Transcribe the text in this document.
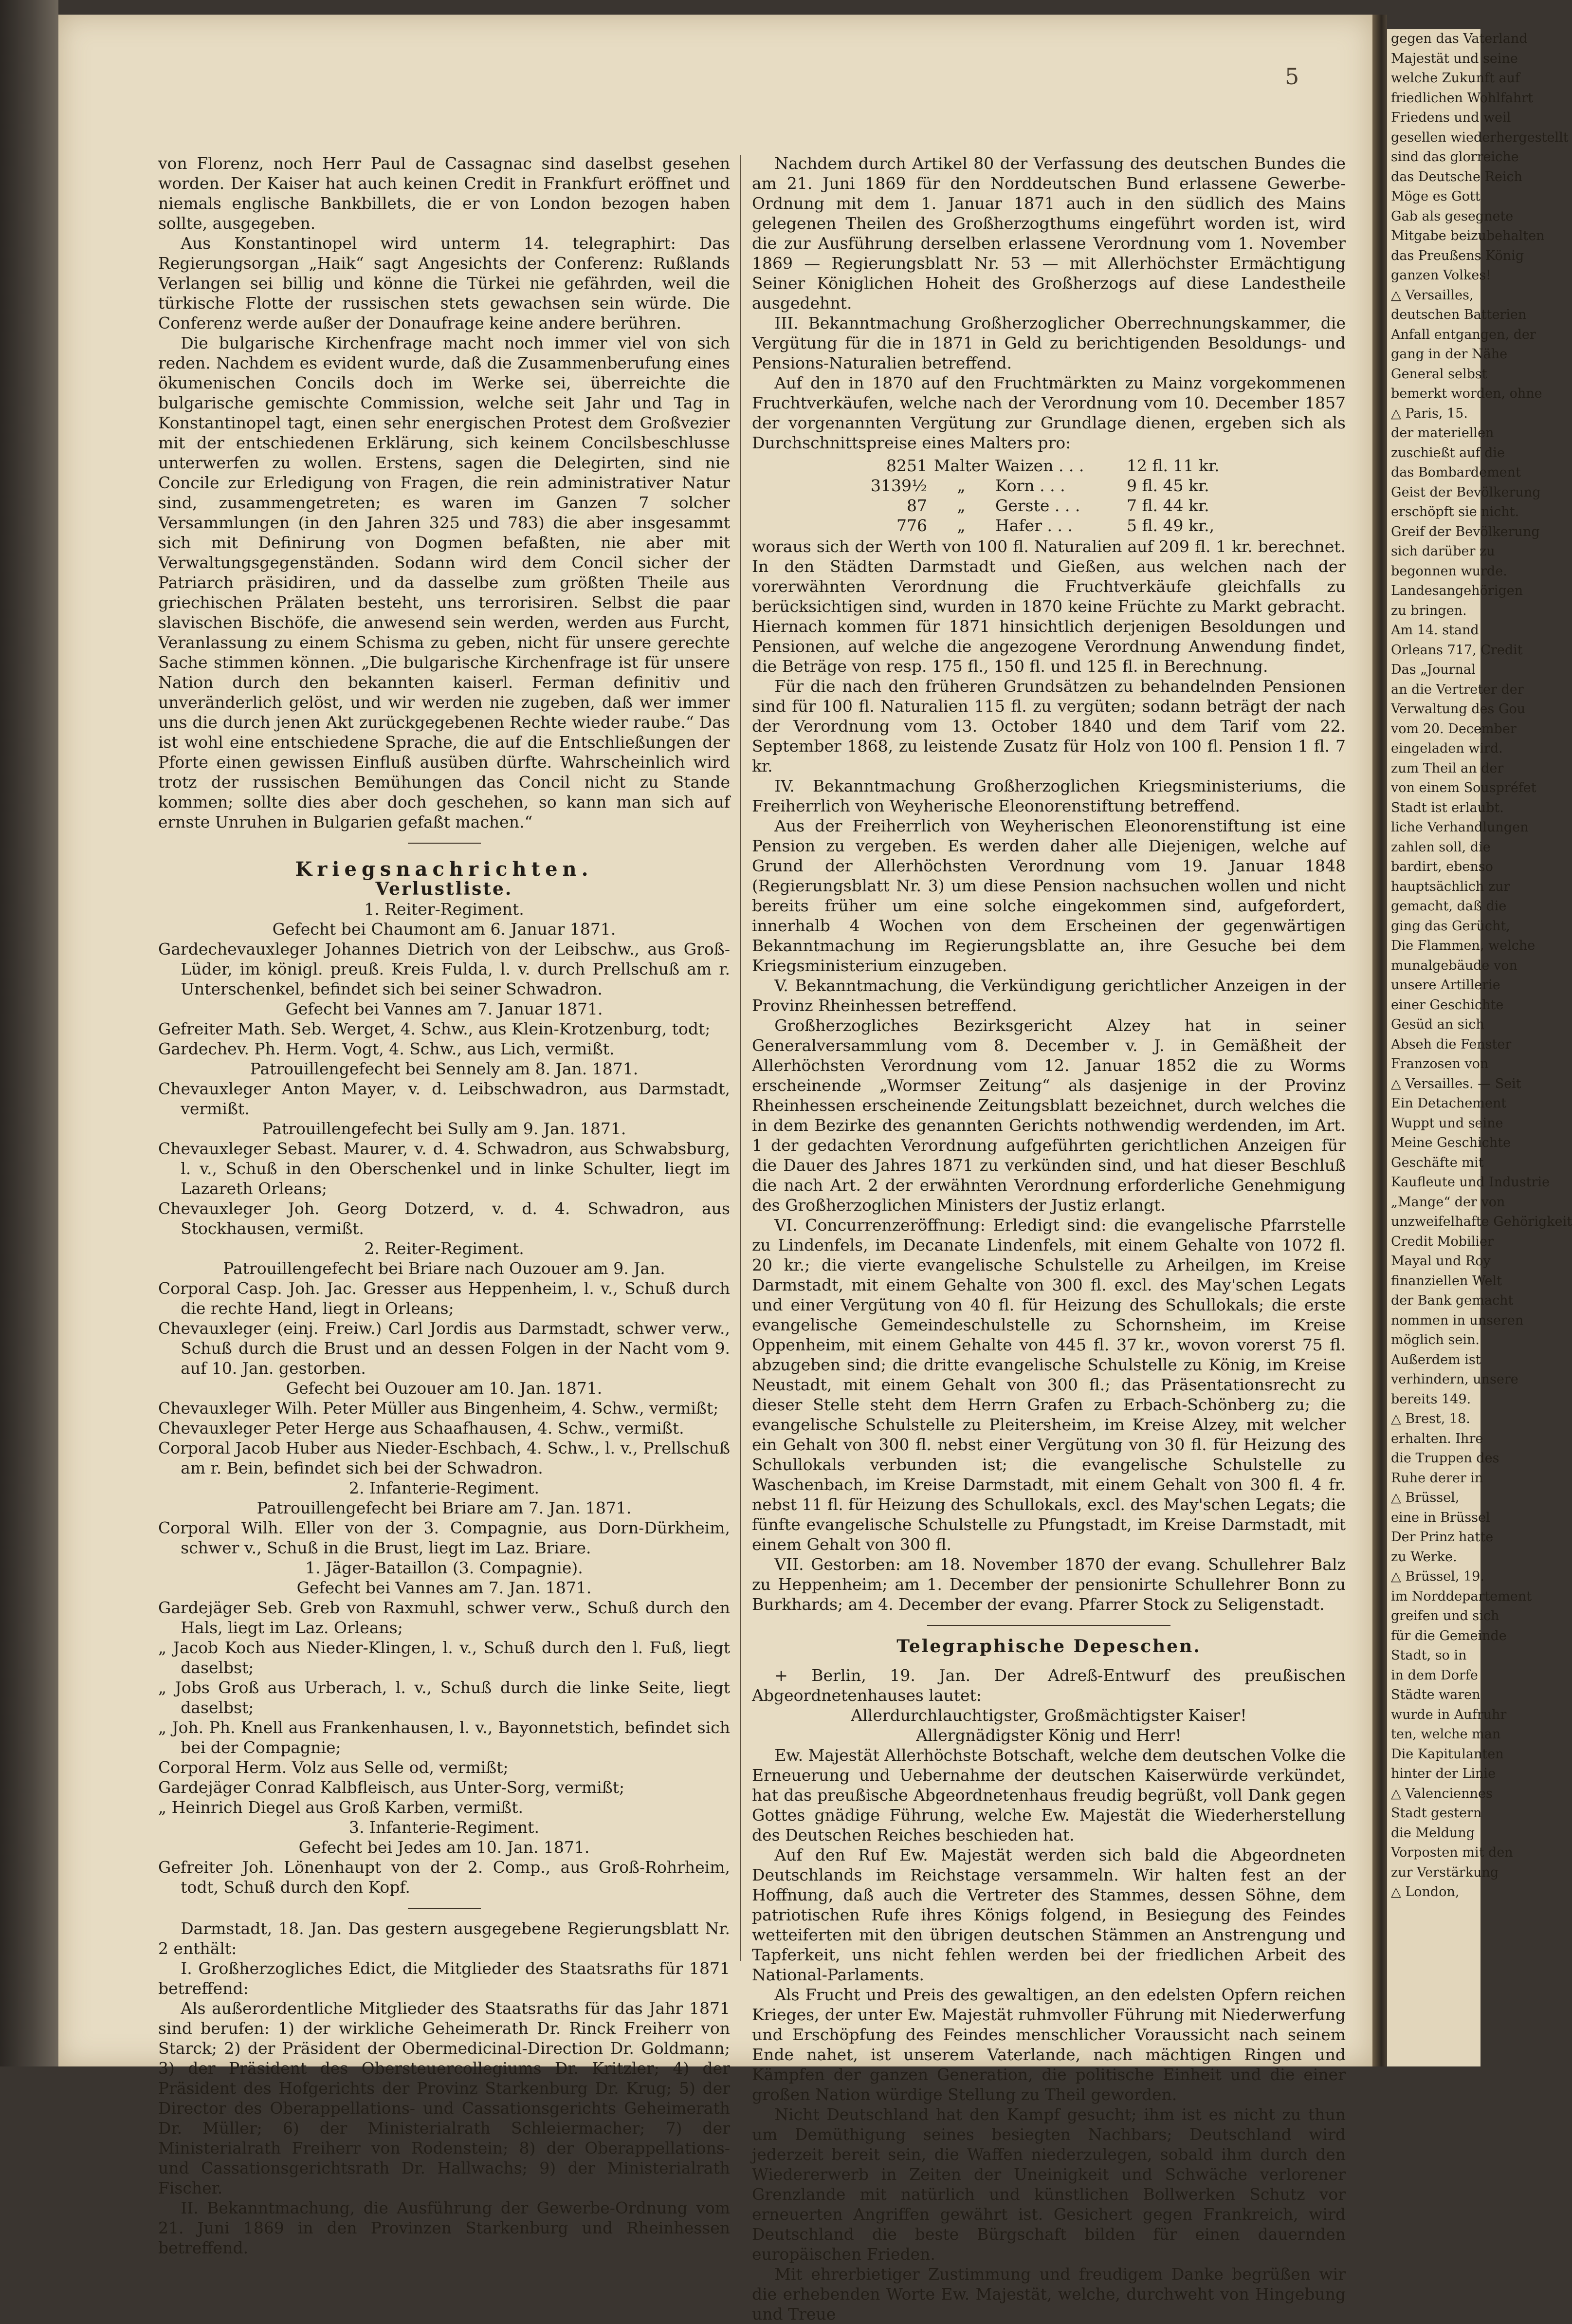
gegen das Vaterland
Majestät und seine
welche Zukunft auf
friedlichen Wohlfahrt
Friedens und weil
gesellen wiederhergestellt
sind das glorreiche
das Deutsche Reich
Möge es Gott
Gab als gesegnete
Mitgabe beizubehalten
das Preußens König
ganzen Volkes!
△ Versailles,
deutschen Batterien
Anfall entgangen, der
gang in der Nähe
General selbst
bemerkt worden, ohne
△ Paris, 15.
der materiellen
zuschießt auf die
das Bombardement
Geist der Bevölkerung
erschöpft sie nicht.
Greif der Bevölkerung
sich darüber zu
begonnen wurde.
Landesangehörigen
zu bringen.
Am 14. stand
Orleans 717, Credit
Das „Journal
an die Vertreter der
Verwaltung des Gou
vom 20. December
eingeladen wird.
zum Theil an der
von einem Souspréfet
Stadt ist erlaubt.
liche Verhandlungen
zahlen soll, die
bardirt, ebenso
hauptsächlich zur
gemacht, daß die
ging das Gerücht,
Die Flammen, welche
munalgebäude von
unsere Artillerie
einer Geschichte
Gesüd an sich
Abseh die Fenster
Franzosen von
△ Versailles. — Seit
Ein Detachement
Wuppt und seine
Meine Geschichte
Geschäfte mit
Kaufleute und Industrie
„Mange“ der von
unzweifelhafte Gehörigkeit
Credit Mobilier
Mayal und Roy
finanziellen Welt
der Bank gemacht
nommen in unseren
möglich sein.
Außerdem ist
verhindern, unsere
bereits 149.
△ Brest, 18.
erhalten. Ihre
die Truppen des
Ruhe derer in
△ Brüssel,
eine in Brüssel
Der Prinz hatte
zu Werke.
△ Brüssel, 19.
im Norddepartement
greifen und sich
für die Gemeinde
Stadt, so in
in dem Dorfe
Städte waren
wurde in Aufruhr
ten, welche man
Die Kapitulanten
hinter der Linie
△ Valenciennes
Stadt gestern
die Meldung
Vorposten mit den
zur Verstärkung
△ London,
5

von Florenz, noch Herr Paul de Cassagnac sind daselbst gesehen worden. Der Kaiser hat auch keinen Credit in Frankfurt eröffnet und niemals englische Bankbillets, die er von London bezogen haben sollte, ausgegeben.

Aus Konstantinopel wird unterm 14. telegraphirt: Das Regierungsorgan „Haik“ sagt Angesichts der Conferenz: Rußlands Verlangen sei billig und könne die Türkei nie gefährden, weil die türkische Flotte der russischen stets gewachsen sein würde. Die Conferenz werde außer der Donaufrage keine andere berühren.

Die bulgarische Kirchenfrage macht noch immer viel von sich reden. Nachdem es evident wurde, daß die Zusammenberufung eines ökumenischen Concils doch im Werke sei, überreichte die bulgarische gemischte Commission, welche seit Jahr und Tag in Konstantinopel tagt, einen sehr energischen Protest dem Großvezier mit der entschiedenen Erklärung, sich keinem Concilsbeschlusse unterwerfen zu wollen. Erstens, sagen die Delegirten, sind nie Concile zur Erledigung von Fragen, die rein administrativer Natur sind, zusammengetreten; es waren im Ganzen 7 solcher Versammlungen (in den Jahren 325 und 783) die aber insgesammt sich mit Definirung von Dogmen befaßten, nie aber mit Verwaltungsgegenständen. Sodann wird dem Concil sicher der Patriarch präsidiren, und da dasselbe zum größten Theile aus griechischen Prälaten besteht, uns terrorisiren. Selbst die paar slavischen Bischöfe, die anwesend sein werden, werden aus Furcht, Veranlassung zu einem Schisma zu geben, nicht für unsere gerechte Sache stimmen können. „Die bulgarische Kirchenfrage ist für unsere Nation durch den bekannten kaiserl. Ferman definitiv und unveränderlich gelöst, und wir werden nie zugeben, daß wer immer uns die durch jenen Akt zurückgegebenen Rechte wieder raube.“ Das ist wohl eine entschiedene Sprache, die auf die Entschließungen der Pforte einen gewissen Einfluß ausüben dürfte. Wahrscheinlich wird trotz der russischen Bemühungen das Concil nicht zu Stande kommen; sollte dies aber doch geschehen, so kann man sich auf ernste Unruhen in Bulgarien gefaßt machen.“

Kriegsnachrichten.
Verlustliste.

1. Reiter-Regiment.

Gefecht bei Chaumont am 6. Januar 1871.

Gardechevauxleger Johannes Dietrich von der Leibschw., aus Groß-Lüder, im königl. preuß. Kreis Fulda, l. v. durch Prellschuß am r. Unterschenkel, befindet sich bei seiner Schwadron.

Gefecht bei Vannes am 7. Januar 1871.

Gefreiter Math. Seb. Werget, 4. Schw., aus Klein-Krotzenburg, todt;

Gardechev. Ph. Herm. Vogt, 4. Schw., aus Lich, vermißt.

Patrouillengefecht bei Sennely am 8. Jan. 1871.

Chevauxleger Anton Mayer, v. d. Leibschwadron, aus Darmstadt, vermißt.

Patrouillengefecht bei Sully am 9. Jan. 1871.

Chevauxleger Sebast. Maurer, v. d. 4. Schwadron, aus Schwabsburg, l. v., Schuß in den Oberschenkel und in linke Schulter, liegt im Lazareth Orleans;

Chevauxleger Joh. Georg Dotzerd, v. d. 4. Schwadron, aus Stockhausen, vermißt.

2. Reiter-Regiment.

Patrouillengefecht bei Briare nach Ouzouer am 9. Jan.

Corporal Casp. Joh. Jac. Gresser aus Heppenheim, l. v., Schuß durch die rechte Hand, liegt in Orleans;

Chevauxleger (einj. Freiw.) Carl Jordis aus Darmstadt, schwer verw., Schuß durch die Brust und an dessen Folgen in der Nacht vom 9. auf 10. Jan. gestorben.

Gefecht bei Ouzouer am 10. Jan. 1871.

Chevauxleger Wilh. Peter Müller aus Bingenheim, 4. Schw., vermißt;

Chevauxleger Peter Herge aus Schaafhausen, 4. Schw., vermißt.

Corporal Jacob Huber aus Nieder-Eschbach, 4. Schw., l. v., Prellschuß am r. Bein, befindet sich bei der Schwadron.

2. Infanterie-Regiment.

Patrouillengefecht bei Briare am 7. Jan. 1871.

Corporal Wilh. Eller von der 3. Compagnie, aus Dorn-Dürkheim, schwer v., Schuß in die Brust, liegt im Laz. Briare.

1. Jäger-Bataillon (3. Compagnie).

Gefecht bei Vannes am 7. Jan. 1871.

Gardejäger Seb. Greb von Raxmuhl, schwer verw., Schuß durch den Hals, liegt im Laz. Orleans;

„ Jacob Koch aus Nieder-Klingen, l. v., Schuß durch den l. Fuß, liegt daselbst;

„ Jobs Groß aus Urberach, l. v., Schuß durch die linke Seite, liegt daselbst;

„ Joh. Ph. Knell aus Frankenhausen, l. v., Bayonnetstich, befindet sich bei der Compagnie;

Corporal Herm. Volz aus Selle od, vermißt;

Gardejäger Conrad Kalbfleisch, aus Unter-Sorg, vermißt;

„ Heinrich Diegel aus Groß Karben, vermißt.

3. Infanterie-Regiment.

Gefecht bei Jedes am 10. Jan. 1871.

Gefreiter Joh. Lönenhaupt von der 2. Comp., aus Groß-Rohrheim, todt, Schuß durch den Kopf.

Darmstadt, 18. Jan. Das gestern ausgegebene Regierungsblatt Nr. 2 enthält:

I. Großherzogliches Edict, die Mitglieder des Staatsraths für 1871 betreffend:

Als außerordentliche Mitglieder des Staatsraths für das Jahr 1871 sind berufen: 1) der wirkliche Geheimerath Dr. Rinck Freiherr von Starck; 2) der Präsident der Obermedicinal-Direction Dr. Goldmann; 3) der Präsident des Obersteuercollegiums Dr. Kritzler; 4) der Präsident des Hofgerichts der Provinz Starkenburg Dr. Krug; 5) der Director des Oberappellations- und Cassationsgerichts Geheimerath Dr. Müller; 6) der Ministerialrath Schleiermacher; 7) der Ministerialrath Freiherr von Rodenstein; 8) der Oberappellations- und Cassationsgerichtsrath Dr. Hallwachs; 9) der Ministerialrath Fischer.

II. Bekanntmachung, die Ausführung der Gewerbe-Ordnung vom 21. Juni 1869 in den Provinzen Starkenburg und Rheinhessen betreffend.

Nachdem durch Artikel 80 der Verfassung des deutschen Bundes die am 21. Juni 1869 für den Norddeutschen Bund erlassene Gewerbe-Ordnung mit dem 1. Januar 1871 auch in den südlich des Mains gelegenen Theilen des Großherzogthums eingeführt worden ist, wird die zur Ausführung derselben erlassene Verordnung vom 1. November 1869 — Regierungsblatt Nr. 53 — mit Allerhöchster Ermächtigung Seiner Königlichen Hoheit des Großherzogs auf diese Landestheile ausgedehnt.

III. Bekanntmachung Großherzoglicher Oberrechnungskammer, die Vergütung für die in 1871 in Geld zu berichtigenden Besoldungs- und Pensions-Naturalien betreffend.

Auf den in 1870 auf den Fruchtmärkten zu Mainz vorgekommenen Fruchtverkäufen, welche nach der Verordnung vom 10. December 1857 der vorgenannten Vergütung zur Grundlage dienen, ergeben sich als Durchschnittspreise eines Malters pro:

8251 Malter Waizen . . .	12 fl. 11 kr.
3139½	„	Korn . . .	9 fl. 45 kr.
87	„	Gerste . . .	7 fl. 44 kr.
776	„	Hafer . . .	5 fl. 49 kr.,

woraus sich der Werth von 100 fl. Naturalien auf 209 fl. 1 kr. berechnet. In den Städten Darmstadt und Gießen, aus welchen nach der vorerwähnten Verordnung die Fruchtverkäufe gleichfalls zu berücksichtigen sind, wurden in 1870 keine Früchte zu Markt gebracht. Hiernach kommen für 1871 hinsichtlich derjenigen Besoldungen und Pensionen, auf welche die angezogene Verordnung Anwendung findet, die Beträge von resp. 175 fl., 150 fl. und 125 fl. in Berechnung.

Für die nach den früheren Grundsätzen zu behandelnden Pensionen sind für 100 fl. Naturalien 115 fl. zu vergüten; sodann beträgt der nach der Verordnung vom 13. October 1840 und dem Tarif vom 22. September 1868, zu leistende Zusatz für Holz von 100 fl. Pension 1 fl. 7 kr.

IV. Bekanntmachung Großherzoglichen Kriegsministeriums, die Freiherrlich von Weyherische Eleonorenstiftung betreffend.

Aus der Freiherrlich von Weyherischen Eleonorenstiftung ist eine Pension zu vergeben. Es werden daher alle Diejenigen, welche auf Grund der Allerhöchsten Verordnung vom 19. Januar 1848 (Regierungsblatt Nr. 3) um diese Pension nachsuchen wollen und nicht bereits früher um eine solche eingekommen sind, aufgefordert, innerhalb 4 Wochen von dem Erscheinen der gegenwärtigen Bekanntmachung im Regierungsblatte an, ihre Gesuche bei dem Kriegsministerium einzugeben.

V. Bekanntmachung, die Verkündigung gerichtlicher Anzeigen in der Provinz Rheinhessen betreffend.

Großherzogliches Bezirksgericht Alzey hat in seiner Generalversammlung vom 8. December v. J. in Gemäßheit der Allerhöchsten Verordnung vom 12. Januar 1852 die zu Worms erscheinende „Wormser Zeitung“ als dasjenige in der Provinz Rheinhessen erscheinende Zeitungsblatt bezeichnet, durch welches die in dem Bezirke des genannten Gerichts nothwendig werdenden, im Art. 1 der gedachten Verordnung aufgeführten gerichtlichen Anzeigen für die Dauer des Jahres 1871 zu verkünden sind, und hat dieser Beschluß die nach Art. 2 der erwähnten Verordnung erforderliche Genehmigung des Großherzoglichen Ministers der Justiz erlangt.

VI. Concurrenzeröffnung: Erledigt sind: die evangelische Pfarrstelle zu Lindenfels, im Decanate Lindenfels, mit einem Gehalte von 1072 fl. 20 kr.; die vierte evangelische Schulstelle zu Arheilgen, im Kreise Darmstadt, mit einem Gehalte von 300 fl. excl. des May'schen Legats und einer Vergütung von 40 fl. für Heizung des Schullokals; die erste evangelische Gemeindeschulstelle zu Schornsheim, im Kreise Oppenheim, mit einem Gehalte von 445 fl. 37 kr., wovon vorerst 75 fl. abzugeben sind; die dritte evangelische Schulstelle zu König, im Kreise Neustadt, mit einem Gehalt von 300 fl.; das Präsentationsrecht zu dieser Stelle steht dem Herrn Grafen zu Erbach-Schönberg zu; die evangelische Schulstelle zu Pleitersheim, im Kreise Alzey, mit welcher ein Gehalt von 300 fl. nebst einer Vergütung von 30 fl. für Heizung des Schullokals verbunden ist; die evangelische Schulstelle zu Waschenbach, im Kreise Darmstadt, mit einem Gehalt von 300 fl. 4 fr. nebst 11 fl. für Heizung des Schullokals, excl. des May'schen Legats; die fünfte evangelische Schulstelle zu Pfungstadt, im Kreise Darmstadt, mit einem Gehalt von 300 fl.

VII. Gestorben: am 18. November 1870 der evang. Schullehrer Balz zu Heppenheim; am 1. December der pensionirte Schullehrer Bonn zu Burkhards; am 4. December der evang. Pfarrer Stock zu Seligenstadt.

Telegraphische Depeschen.

+ Berlin, 19. Jan. Der Adreß-Entwurf des preußischen Abgeordnetenhauses lautet:

Allerdurchlauchtigster, Großmächtigster Kaiser!

Allergnädigster König und Herr!

Ew. Majestät Allerhöchste Botschaft, welche dem deutschen Volke die Erneuerung und Uebernahme der deutschen Kaiserwürde verkündet, hat das preußische Abgeordnetenhaus freudig begrüßt, voll Dank gegen Gottes gnädige Führung, welche Ew. Majestät die Wiederherstellung des Deutschen Reiches beschieden hat.

Auf den Ruf Ew. Majestät werden sich bald die Abgeordneten Deutschlands im Reichstage versammeln. Wir halten fest an der Hoffnung, daß auch die Vertreter des Stammes, dessen Söhne, dem patriotischen Rufe ihres Königs folgend, in Besiegung des Feindes wetteiferten mit den übrigen deutschen Stämmen an Anstrengung und Tapferkeit, uns nicht fehlen werden bei der friedlichen Arbeit des National-Parlaments.

Als Frucht und Preis des gewaltigen, an den edelsten Opfern reichen Krieges, der unter Ew. Majestät ruhmvoller Führung mit Niederwerfung und Erschöpfung des Feindes menschlicher Voraussicht nach seinem Ende nahet, ist unserem Vaterlande, nach mächtigen Ringen und Kämpfen der ganzen Generation, die politische Einheit und die einer großen Nation würdige Stellung zu Theil geworden.

Nicht Deutschland hat den Kampf gesucht; ihm ist es nicht zu thun um Demüthigung seines besiegten Nachbars; Deutschland wird jederzeit bereit sein, die Waffen niederzulegen, sobald ihm durch den Wiedererwerb in Zeiten der Uneinigkeit und Schwäche verlorener Grenzlande mit natürlich und künstlichen Bollwerken Schutz vor erneuerten Angriffen gewährt ist. Gesichert gegen Frankreich, wird Deutschland die beste Bürgschaft bilden für einen dauernden europäischen Frieden.

Mit ehrerbietiger Zustimmung und freudigem Danke begrüßen wir die erhebenden Worte Ew. Majestät, welche, durchweht von Hingebung und Treue
